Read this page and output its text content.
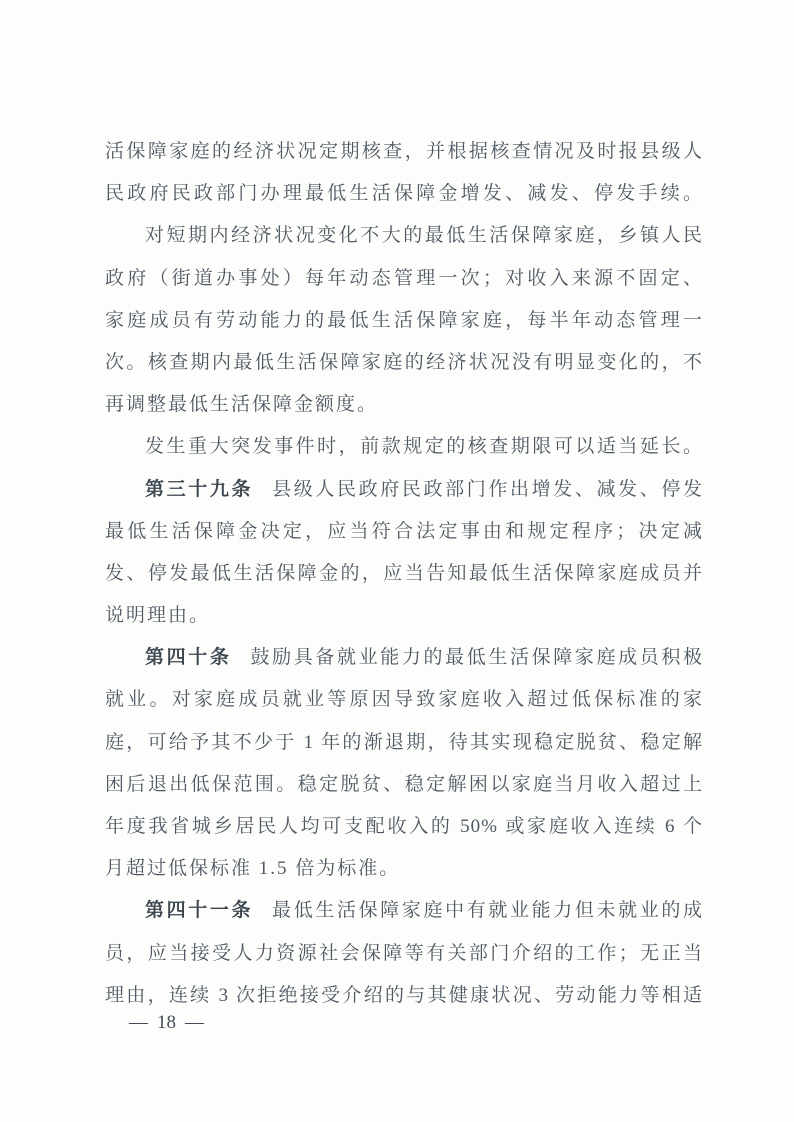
活保障家庭的经济状况定期核查，并根据核查情况及时报县级人
民政府民政部门办理最低生活保障金增发、减发、停发手续。
对短期内经济状况变化不大的最低生活保障家庭，乡镇人民
政府（街道办事处）每年动态管理一次；对收入来源不固定、
家庭成员有劳动能力的最低生活保障家庭，每半年动态管理一
次。核查期内最低生活保障家庭的经济状况没有明显变化的，不
再调整最低生活保障金额度。
发生重大突发事件时，前款规定的核查期限可以适当延长。
第三十九条 县级人民政府民政部门作出增发、减发、停发
最低生活保障金决定，应当符合法定事由和规定程序；决定减
发、停发最低生活保障金的，应当告知最低生活保障家庭成员并
说明理由。
第四十条 鼓励具备就业能力的最低生活保障家庭成员积极
就业。对家庭成员就业等原因导致家庭收入超过低保标准的家
庭，可给予其不少于 1 年的渐退期，待其实现稳定脱贫、稳定解
困后退出低保范围。稳定脱贫、稳定解困以家庭当月收入超过上
年度我省城乡居民人均可支配收入的 50% 或家庭收入连续 6 个
月超过低保标准 1.5 倍为标准。
第四十一条 最低生活保障家庭中有就业能力但未就业的成
员，应当接受人力资源社会保障等有关部门介绍的工作；无正当
理由，连续 3 次拒绝接受介绍的与其健康状况、劳动能力等相适
— 18 —
